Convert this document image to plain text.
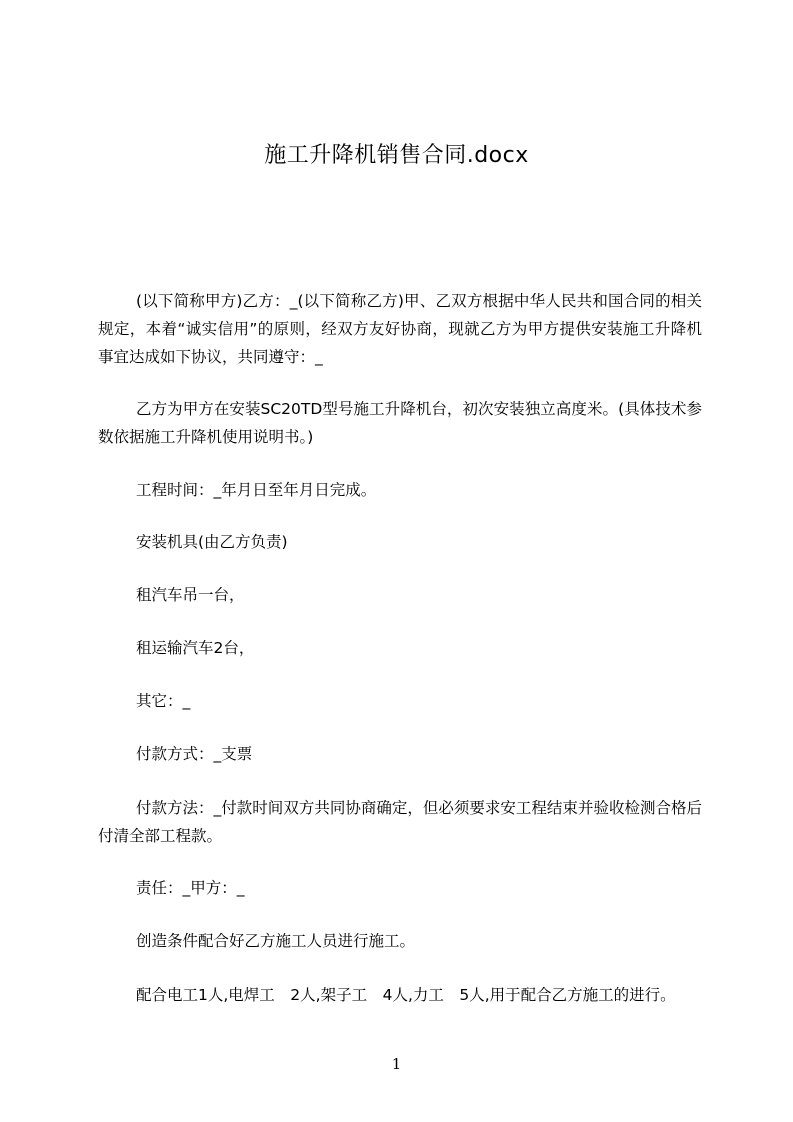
施工升降机销售合同.docx

(以下简称甲方)乙方：_(以下简称乙方)甲、乙双方根据中华人民共和国合同的相关规定，本着“诚实信用”的原则，经双方友好协商，现就乙方为甲方提供安装施工升降机事宜达成如下协议，共同遵守：_

乙方为甲方在安装SC20TD型号施工升降机台，初次安装独立高度米。(具体技术参数依据施工升降机使用说明书。)

工程时间：_年月日至年月日完成。

安装机具(由乙方负责)

租汽车吊一台，

租运输汽车2台，

其它：_

付款方式：_支票

付款方法：_付款时间双方共同协商确定，但必须要求安工程结束并验收检测合格后付清全部工程款。

责任：_甲方：_

创造条件配合好乙方施工人员进行施工。

配合电工1人,电焊工　2人,架子工　4人,力工　5人,用于配合乙方施工的进行。

1
